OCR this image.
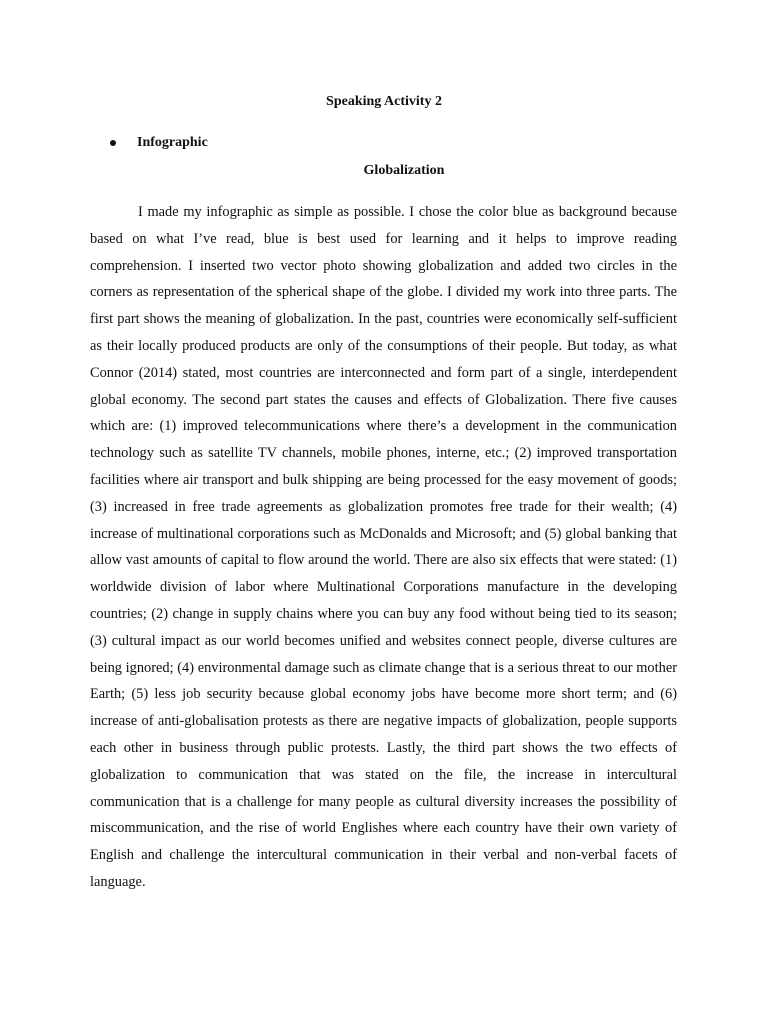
Speaking Activity 2
Infographic
Globalization

I made my infographic as simple as possible. I chose the color blue as background because based on what I’ve read, blue is best used for learning and it helps to improve reading comprehension. I inserted two vector photo showing globalization and added two circles in the corners as representation of the spherical shape of the globe. I divided my work into three parts. The first part shows the meaning of globalization. In the past, countries were economically self-sufficient as their locally produced products are only of the consumptions of their people. But today, as what Connor (2014) stated, most countries are interconnected and form part of a single, interdependent global economy. The second part states the causes and effects of Globalization. There five causes which are: (1) improved telecommunications where there’s a development in the communication technology such as satellite TV channels, mobile phones, interne, etc.; (2) improved transportation facilities where air transport and bulk shipping are being processed for the easy movement of goods; (3) increased in free trade agreements as globalization promotes free trade for their wealth; (4) increase of multinational corporations such as McDonalds and Microsoft; and (5) global banking that allow vast amounts of capital to flow around the world. There are also six effects that were stated: (1) worldwide division of labor where Multinational Corporations manufacture in the developing countries; (2) change in supply chains where you can buy any food without being tied to its season; (3) cultural impact as our world becomes unified and websites connect people, diverse cultures are being ignored; (4) environmental damage such as climate change that is a serious threat to our mother Earth; (5) less job security because global economy jobs have become more short term; and (6) increase of anti-globalisation protests as there are negative impacts of globalization, people supports each other in business through public protests. Lastly, the third part shows the two effects of globalization to communication that was stated on the file, the increase in intercultural communication that is a challenge for many people as cultural diversity increases the possibility of miscommunication, and the rise of world Englishes where each country have their own variety of English and challenge the intercultural communication in their verbal and non-verbal facets of language.
